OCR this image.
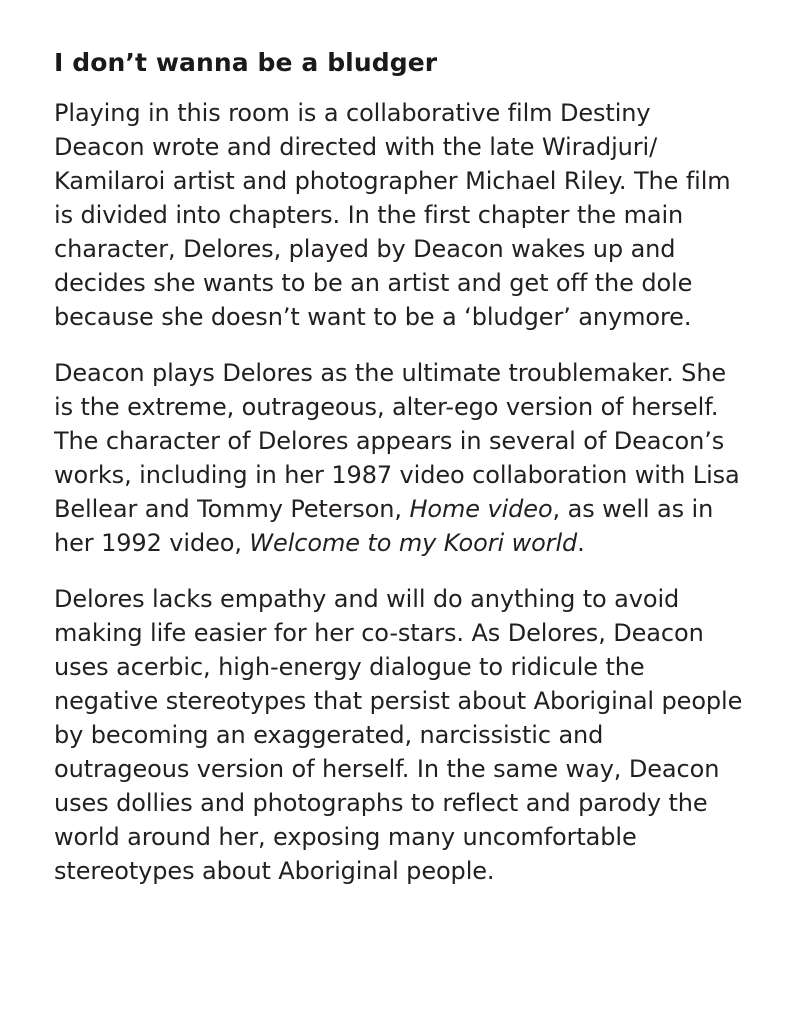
I don’t wanna be a bludger

Playing in this room is a collaborative film Destiny Deacon wrote and directed with the late Wiradjuri/ Kamilaroi artist and photographer Michael Riley. The film is divided into chapters. In the first chapter the main character, Delores, played by Deacon wakes up and decides she wants to be an artist and get off the dole because she doesn’t want to be a ‘bludger’ anymore.

Deacon plays Delores as the ultimate troublemaker. She is the extreme, outrageous, alter-ego version of herself. The character of Delores appears in several of Deacon’s works, including in her 1987 video collaboration with Lisa Bellear and Tommy Peterson, Home video, as well as in her 1992 video, Welcome to my Koori world.

Delores lacks empathy and will do anything to avoid making life easier for her co-stars. As Delores, Deacon uses acerbic, high-energy dialogue to ridicule the negative stereotypes that persist about Aboriginal people by becoming an exaggerated, narcissistic and outrageous version of herself. In the same way, Deacon uses dollies and photographs to reflect and parody the world around her, exposing many uncomfortable stereotypes about Aboriginal people.
